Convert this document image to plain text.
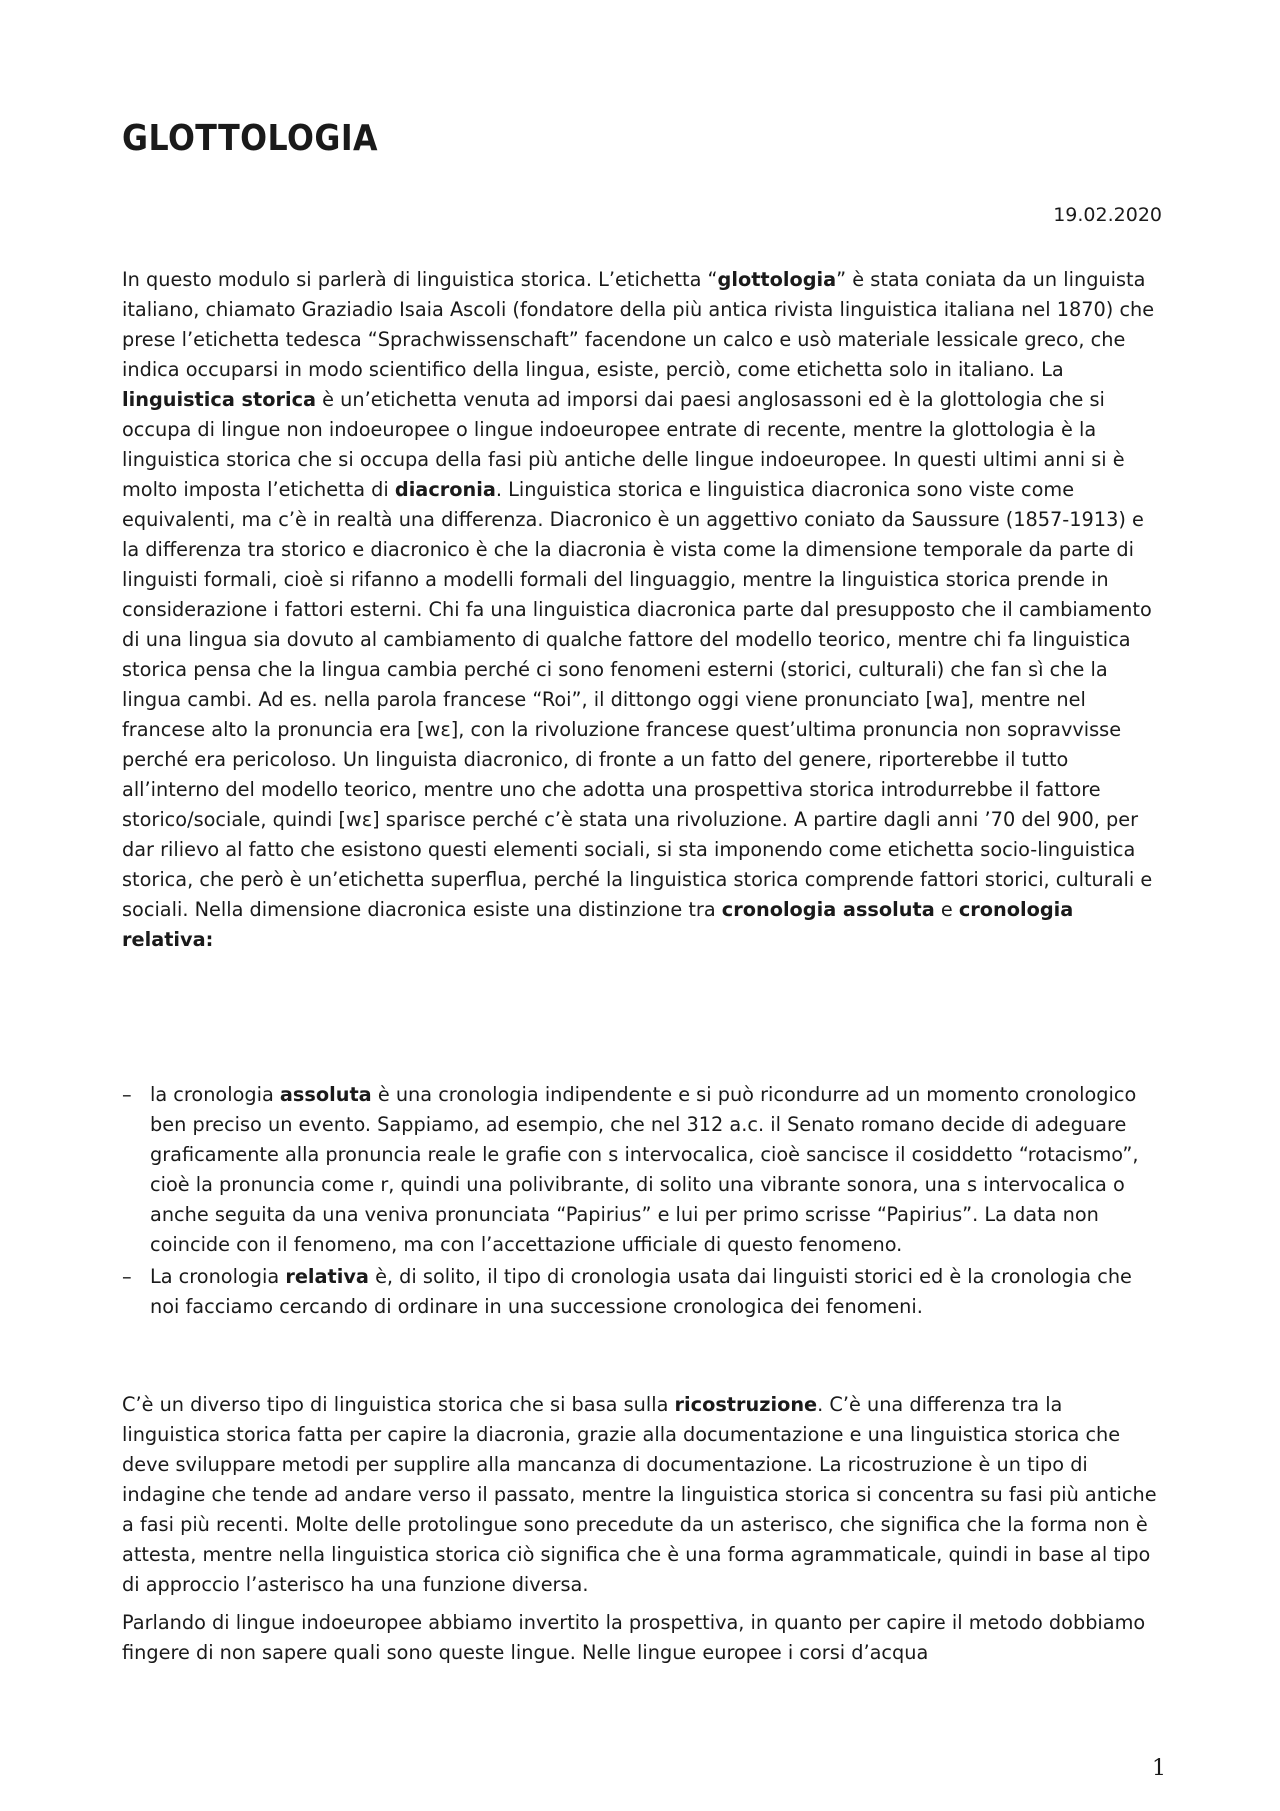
GLOTTOLOGIA
19.02.2020

In questo modulo si parlerà di linguistica storica. L’etichetta “glottologia” è stata coniata da un linguista italiano, chiamato Graziadio Isaia Ascoli (fondatore della più antica rivista linguistica italiana nel 1870) che prese l’etichetta tedesca “Sprachwissenschaft” facendone un calco e usò materiale lessicale greco, che indica occuparsi in modo scientifico della lingua, esiste, perciò, come etichetta solo in italiano. La linguistica storica è un’etichetta venuta ad imporsi dai paesi anglosassoni ed è la glottologia che si occupa di lingue non indoeuropee o lingue indoeuropee entrate di recente, mentre la glottologia è la linguistica storica che si occupa della fasi più antiche delle lingue indoeuropee. In questi ultimi anni si è molto imposta l’etichetta di diacronia. Linguistica storica e linguistica diacronica sono viste come equivalenti, ma c’è in realtà una differenza. Diacronico è un aggettivo coniato da Saussure (1857-1913) e la differenza tra storico e diacronico è che la diacronia è vista come la dimensione temporale da parte di linguisti formali, cioè si rifanno a modelli formali del linguaggio, mentre la linguistica storica prende in considerazione i fattori esterni. Chi fa una linguistica diacronica parte dal presupposto che il cambiamento di una lingua sia dovuto al cambiamento di qualche fattore del modello teorico, mentre chi fa linguistica storica pensa che la lingua cambia perché ci sono fenomeni esterni (storici, culturali) che fan sì che la lingua cambi. Ad es. nella parola francese “Roi”, il dittongo oggi viene pronunciato [wa], mentre nel francese alto la pronuncia era [wɛ], con la rivoluzione francese quest’ultima pronuncia non sopravvisse perché era pericoloso. Un linguista diacronico, di fronte a un fatto del genere, riporterebbe il tutto all’interno del modello teorico, mentre uno che adotta una prospettiva storica introdurrebbe il fattore storico/sociale, quindi [wɛ] sparisce perché c’è stata una rivoluzione. A partire dagli anni ’70 del 900, per dar rilievo al fatto che esistono questi elementi sociali, si sta imponendo come etichetta socio-linguistica storica, che però è un’etichetta superflua, perché la linguistica storica comprende fattori storici, culturali e sociali. Nella dimensione diacronica esiste una distinzione tra cronologia assoluta e cronologia relativa:

– la cronologia assoluta è una cronologia indipendente e si può ricondurre ad un momento cronologico ben preciso un evento. Sappiamo, ad esempio, che nel 312 a.c. il Senato romano decide di adeguare graficamente alla pronuncia reale le grafie con s intervocalica, cioè sancisce il cosiddetto “rotacismo”, cioè la pronuncia come r, quindi una polivibrante, di solito una vibrante sonora, una s intervocalica o anche seguita da una veniva pronunciata “Papirius” e lui per primo scrisse “Papirius”. La data non coincide con il fenomeno, ma con l’accettazione ufficiale di questo fenomeno.
– La cronologia relativa è, di solito, il tipo di cronologia usata dai linguisti storici ed è la cronologia che noi facciamo cercando di ordinare in una successione cronologica dei fenomeni.

C’è un diverso tipo di linguistica storica che si basa sulla ricostruzione. C’è una differenza tra la linguistica storica fatta per capire la diacronia, grazie alla documentazione e una linguistica storica che deve sviluppare metodi per supplire alla mancanza di documentazione. La ricostruzione è un tipo di indagine che tende ad andare verso il passato, mentre la linguistica storica si concentra su fasi più antiche a fasi più recenti. Molte delle protolingue sono precedute da un asterisco, che significa che la forma non è attesta, mentre nella linguistica storica ciò significa che è una forma agrammaticale, quindi in base al tipo di approccio l’asterisco ha una funzione diversa.

Parlando di lingue indoeuropee abbiamo invertito la prospettiva, in quanto per capire il metodo dobbiamo fingere di non sapere quali sono queste lingue. Nelle lingue europee i corsi d’acqua

1
